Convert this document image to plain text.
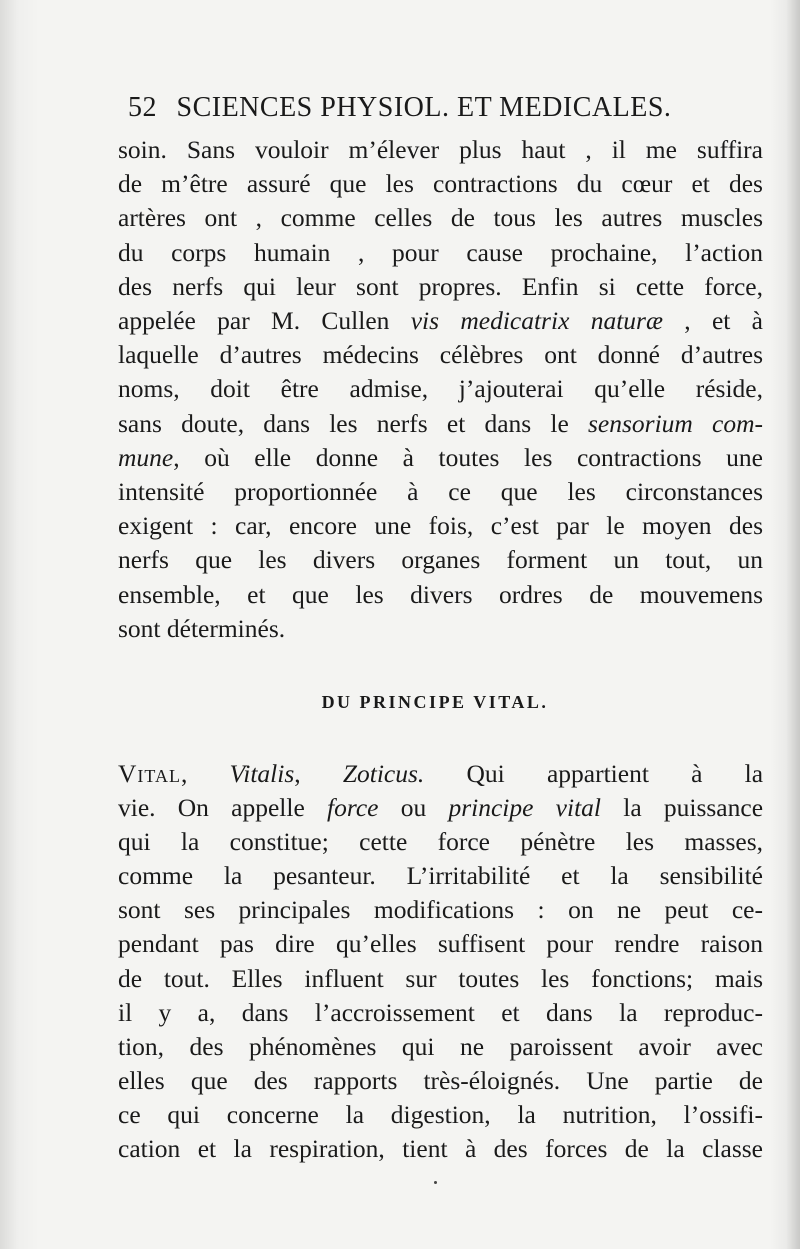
52 SCIENCES PHYSIOL. ET MEDICALES.
soin. Sans vouloir m’élever plus haut , il me suffira
de m’être assuré que les contractions du cœur et des
artères ont , comme celles de tous les autres muscles
du corps humain , pour cause prochaine, l’action
des nerfs qui leur sont propres. Enfin si cette force,
appelée par M. Cullen vis medicatrix naturæ , et à
laquelle d’autres médecins célèbres ont donné d’autres
noms, doit être admise, j’ajouterai qu’elle réside,
sans doute, dans les nerfs et dans le sensorium com-
mune, où elle donne à toutes les contractions une
intensité proportionnée à ce que les circonstances
exigent : car, encore une fois, c’est par le moyen des
nerfs que les divers organes forment un tout, un
ensemble, et que les divers ordres de mouvemens
sont déterminés.
DU PRINCIPE VITAL.
Vital, Vitalis, Zoticus. Qui appartient à la
vie. On appelle force ou principe vital la puissance
qui la constitue; cette force pénètre les masses,
comme la pesanteur. L’irritabilité et la sensibilité
sont ses principales modifications : on ne peut ce-
pendant pas dire qu’elles suffisent pour rendre raison
de tout. Elles influent sur toutes les fonctions; mais
il y a, dans l’accroissement et dans la reproduc-
tion, des phénomènes qui ne paroissent avoir avec
elles que des rapports très-éloignés. Une partie de
ce qui concerne la digestion, la nutrition, l’ossifi-
cation et la respiration, tient à des forces de la classe
